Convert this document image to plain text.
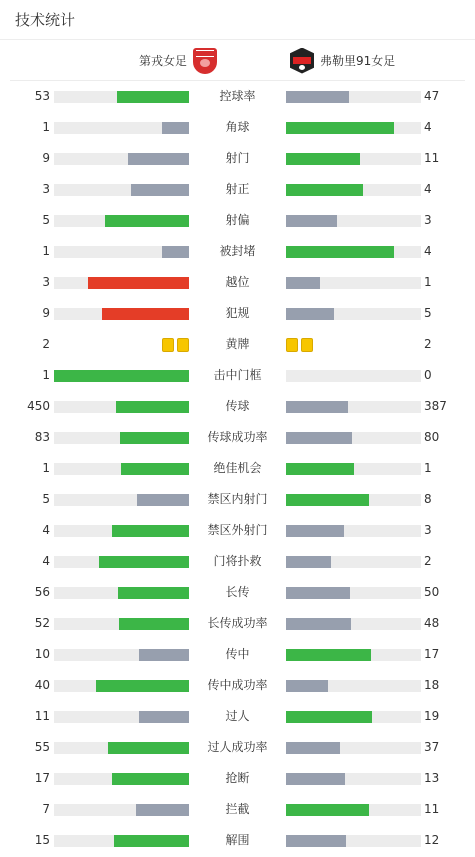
技术统计
第戎女足	弗勒里91女足
53	控球率	47
1	角球	4
9	射门	11
3	射正	4
5	射偏	3
1	被封堵	4
3	越位	1
9	犯规	5
2	黄牌	2
1	击中门框	0
450	传球	387
83	传球成功率	80
1	绝佳机会	1
5	禁区内射门	8
4	禁区外射门	3
4	门将扑救	2
56	长传	50
52	长传成功率	48
10	传中	17
40	传中成功率	18
11	过人	19
55	过人成功率	37
17	抢断	13
7	拦截	11
15	解围	12
